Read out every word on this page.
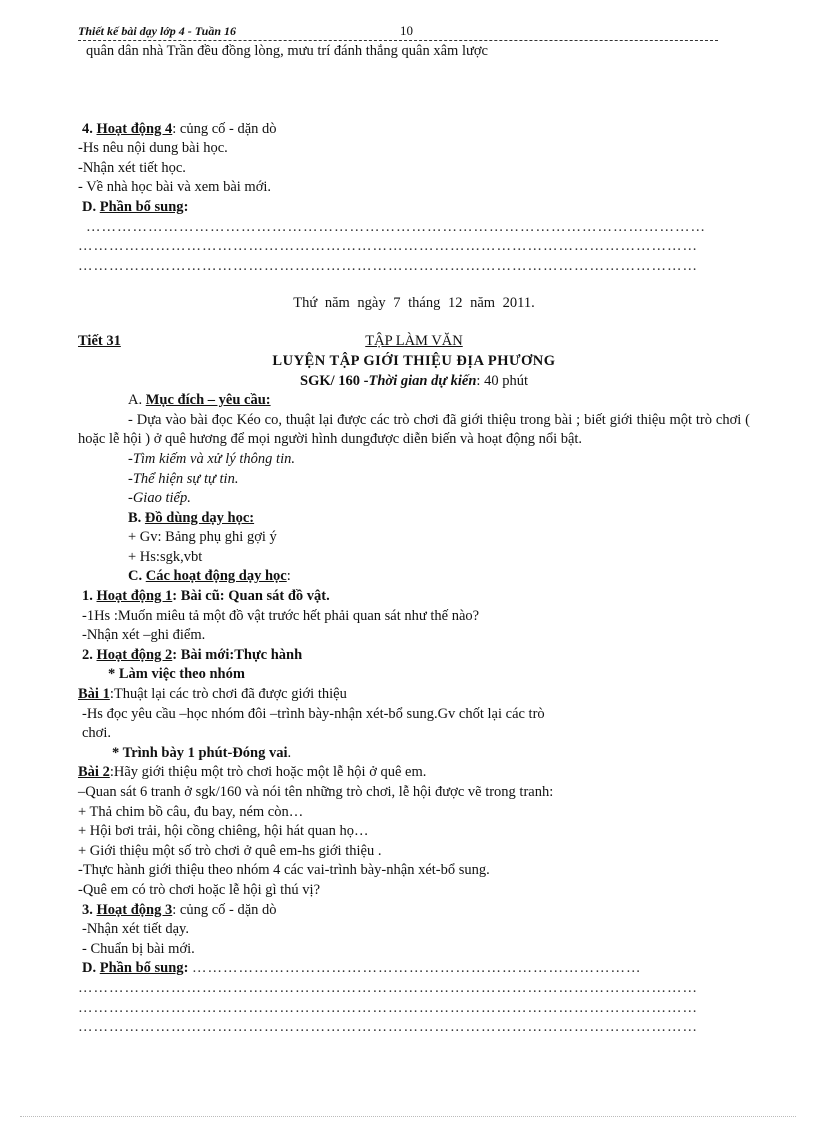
Thiết kế bài dạy lớp 4 - Tuần 16	10
quân dân nhà Trần đều đồng lòng, mưu trí đánh thắng quân xâm lược
4. Hoạt động 4: củng cố - dặn dò
-Hs nêu nội dung bài học.
-Nhận xét tiết học.
- Về nhà học bài và xem bài mới.
D. Phần bổ sung:
…………………………………………………………………………………………………………
…………………………………………………………………………………………………………
…………………………………………………………………………………………………………
Thứ năm ngày 7 tháng 12 năm 2011.
Tiết 31	TẬP LÀM VĂN
LUYỆN TẬP GIỚI THIỆU ĐỊA PHƯƠNG
SGK/ 160 -Thời gian dự kiến: 40 phút
A. Mục đích – yêu cầu:
- Dựa vào bài đọc Kéo co, thuật lại được các trò chơi đã giới thiệu trong bài ; biết giới thiệu một trò chơi ( hoặc lễ hội ) ở quê hương để mọi người hình dungđược diễn biến và hoạt động nổi bật.
-Tìm kiếm và xử lý thông tin.
-Thể hiện sự tự tin.
-Giao tiếp.
B. Đồ dùng dạy học:
+ Gv: Bảng phụ ghi gợi ý
+ Hs:sgk,vbt
C. Các hoạt động dạy học:
1. Hoạt động 1: Bài cũ: Quan sát đồ vật.
-1Hs :Muốn miêu tả một đồ vật trước hết phải quan sát như thế nào?
-Nhận xét –ghi điểm.
2. Hoạt động 2: Bài mới:Thực hành
* Làm việc theo nhóm
Bài 1:Thuật lại các trò chơi đã được giới thiệu
-Hs đọc yêu cầu –học nhóm đôi –trình bày-nhận xét-bổ sung.Gv chốt lại các trò
chơi.
* Trình bày 1 phút-Đóng vai.
Bài 2:Hãy giới thiệu một trò chơi hoặc một lễ hội ở quê em.
–Quan sát 6 tranh ở sgk/160 và nói tên những trò chơi, lễ hội được vẽ trong tranh:
+ Thả chim bồ câu, đu bay, ném còn…
+ Hội bơi trải, hội cồng chiêng, hội hát quan họ…
+ Giới thiệu một số trò chơi ở quê em-hs giới thiệu .
-Thực hành giới thiệu theo nhóm 4 các vai-trình bày-nhận xét-bổ sung.
-Quê em có trò chơi hoặc lễ hội gì thú vị?
3. Hoạt động 3: củng cố - dặn dò
-Nhận xét tiết dạy.
- Chuẩn bị bài mới.
D. Phần bổ sung: ……………………………………………………………………………
…………………………………………………………………………………………………………
…………………………………………………………………………………………………………
…………………………………………………………………………………………………………
